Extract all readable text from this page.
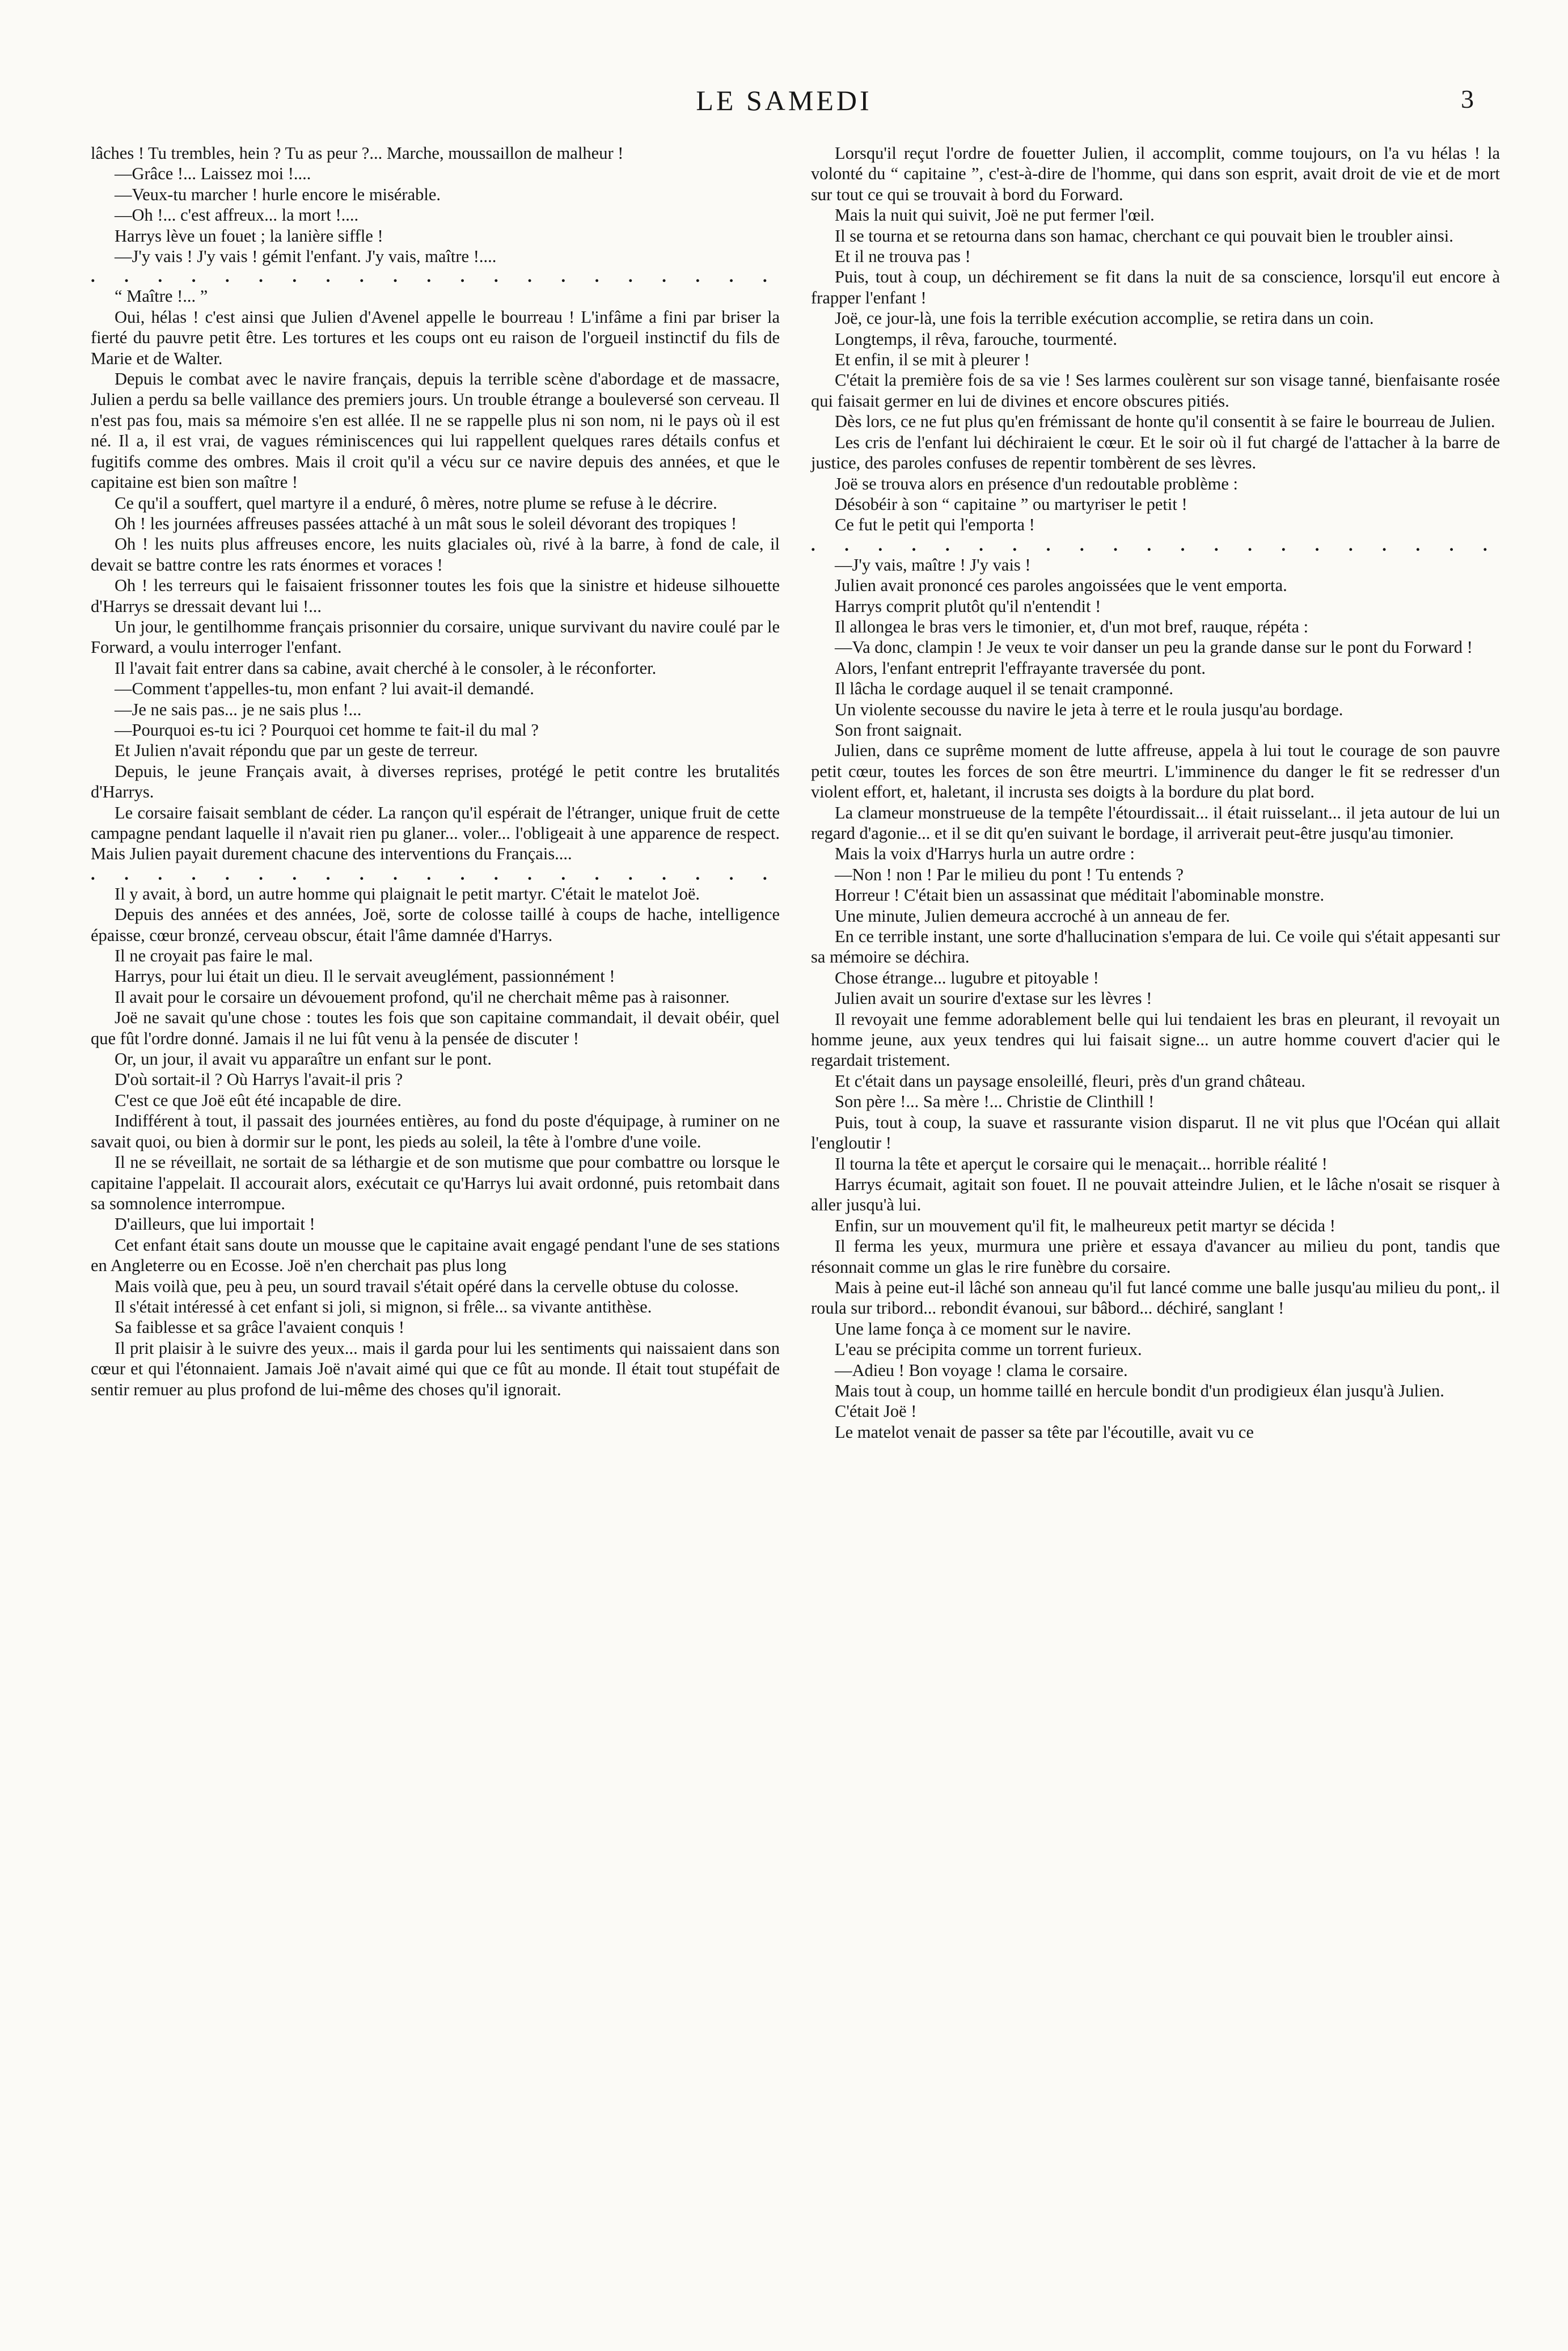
LE SAMEDI	3

lâches ! Tu trembles, hein ? Tu as peur ?... Marche, moussaillon de malheur !

—Grâce !... Laissez moi !....

—Veux-tu marcher ! hurle encore le misérable.

—Oh !... c'est affreux... la mort !....

Harrys lève un fouet ; la lanière siffle !

—J'y vais ! J'y vais ! gémit l'enfant. J'y vais, maître !....

. . .

“ Maître !... ”

Oui, hélas ! c'est ainsi que Julien d'Avenel appelle le bourreau ! L'infâme a fini par briser la fierté du pauvre petit être. Les tortures et les coups ont eu raison de l'orgueil instinctif du fils de Marie et de Walter.

Depuis le combat avec le navire français, depuis la terrible scène d'abordage et de massacre, Julien a perdu sa belle vaillance des premiers jours. Un trouble étrange a bouleversé son cerveau. Il n'est pas fou, mais sa mémoire s'en est allée. Il ne se rappelle plus ni son nom, ni le pays où il est né. Il a, il est vrai, de vagues réminiscences qui lui rappellent quelques rares détails confus et fugitifs comme des ombres. Mais il croit qu'il a vécu sur ce navire depuis des années, et que le capitaine est bien son maître !

Ce qu'il a souffert, quel martyre il a enduré, ô mères, notre plume se refuse à le décrire.

Oh ! les journées affreuses passées attaché à un mât sous le soleil dévorant des tropiques !

Oh ! les nuits plus affreuses encore, les nuits glaciales où, rivé à la barre, à fond de cale, il devait se battre contre les rats énormes et voraces !

Oh ! les terreurs qui le faisaient frissonner toutes les fois que la sinistre et hideuse silhouette d'Harrys se dressait devant lui !...

Un jour, le gentilhomme français prisonnier du corsaire, unique survivant du navire coulé par le Forward, a voulu interroger l'enfant.

Il l'avait fait entrer dans sa cabine, avait cherché à le consoler, à le réconforter.

—Comment t'appelles-tu, mon enfant ? lui avait-il demandé.

—Je ne sais pas... je ne sais plus !...

—Pourquoi es-tu ici ? Pourquoi cet homme te fait-il du mal ?

Et Julien n'avait répondu que par un geste de terreur.

Depuis, le jeune Français avait, à diverses reprises, protégé le petit contre les brutalités d'Harrys.

Le corsaire faisait semblant de céder. La rançon qu'il espérait de l'étranger, unique fruit de cette campagne pendant laquelle il n'avait rien pu glaner... voler... l'obligeait à une apparence de respect. Mais Julien payait durement chacune des interventions du Français....

. . .

Il y avait, à bord, un autre homme qui plaignait le petit martyr. C'était le matelot Joë.

Depuis des années et des années, Joë, sorte de colosse taillé à coups de hache, intelligence épaisse, cœur bronzé, cerveau obscur, était l'âme damnée d'Harrys.

Il ne croyait pas faire le mal.

Harrys, pour lui était un dieu. Il le servait aveuglément, passionnément !

Il avait pour le corsaire un dévouement profond, qu'il ne cherchait même pas à raisonner.

Joë ne savait qu'une chose : toutes les fois que son capitaine commandait, il devait obéir, quel que fût l'ordre donné. Jamais il ne lui fût venu à la pensée de discuter !

Or, un jour, il avait vu apparaître un enfant sur le pont.

D'où sortait-il ? Où Harrys l'avait-il pris ?

C'est ce que Joë eût été incapable de dire.

Indifférent à tout, il passait des journées entières, au fond du poste d'équipage, à ruminer on ne savait quoi, ou bien à dormir sur le pont, les pieds au soleil, la tête à l'ombre d'une voile.

Il ne se réveillait, ne sortait de sa léthargie et de son mutisme que pour combattre ou lorsque le capitaine l'appelait. Il accourait alors, exécutait ce qu'Harrys lui avait ordonné, puis retombait dans sa somnolence interrompue.

D'ailleurs, que lui importait !

Cet enfant était sans doute un mousse que le capitaine avait engagé pendant l'une de ses stations en Angleterre ou en Ecosse. Joë n'en cherchait pas plus long

Mais voilà que, peu à peu, un sourd travail s'était opéré dans la cervelle obtuse du colosse.

Il s'était intéressé à cet enfant si joli, si mignon, si frêle... sa vivante antithèse.

Sa faiblesse et sa grâce l'avaient conquis !

Il prit plaisir à le suivre des yeux... mais il garda pour lui les sentiments qui naissaient dans son cœur et qui l'étonnaient. Jamais Joë n'avait aimé qui que ce fût au monde. Il était tout stupéfait de sentir remuer au plus profond de lui-même des choses qu'il ignorait.

Lorsqu'il reçut l'ordre de fouetter Julien, il accomplit, comme toujours, on l'a vu hélas ! la volonté du “ capitaine ”, c'est-à-dire de l'homme, qui dans son esprit, avait droit de vie et de mort sur tout ce qui se trouvait à bord du Forward.

Mais la nuit qui suivit, Joë ne put fermer l'œil.

Il se tourna et se retourna dans son hamac, cherchant ce qui pouvait bien le troubler ainsi.

Et il ne trouva pas !

Puis, tout à coup, un déchirement se fit dans la nuit de sa conscience, lorsqu'il eut encore à frapper l'enfant !

Joë, ce jour-là, une fois la terrible exécution accomplie, se retira dans un coin.

Longtemps, il rêva, farouche, tourmenté.

Et enfin, il se mit à pleurer !

C'était la première fois de sa vie ! Ses larmes coulèrent sur son visage tanné, bienfaisante rosée qui faisait germer en lui de divines et encore obscures pitiés.

Dès lors, ce ne fut plus qu'en frémissant de honte qu'il consentit à se faire le bourreau de Julien.

Les cris de l'enfant lui déchiraient le cœur. Et le soir où il fut chargé de l'attacher à la barre de justice, des paroles confuses de repentir tombèrent de ses lèvres.

Joë se trouva alors en présence d'un redoutable problème :

Désobéir à son “ capitaine ” ou martyriser le petit !

Ce fut le petit qui l'emporta !

. . .

—J'y vais, maître ! J'y vais !

Julien avait prononcé ces paroles angoissées que le vent emporta.

Harrys comprit plutôt qu'il n'entendit !

Il allongea le bras vers le timonier, et, d'un mot bref, rauque, répéta :

—Va donc, clampin ! Je veux te voir danser un peu la grande danse sur le pont du Forward !

Alors, l'enfant entreprit l'effrayante traversée du pont.

Il lâcha le cordage auquel il se tenait cramponné.

Un violente secousse du navire le jeta à terre et le roula jusqu'au bordage.

Son front saignait.

Julien, dans ce suprême moment de lutte affreuse, appela à lui tout le courage de son pauvre petit cœur, toutes les forces de son être meurtri. L'imminence du danger le fit se redresser d'un violent effort, et, haletant, il incrusta ses doigts à la bordure du plat bord.

La clameur monstrueuse de la tempête l'étourdissait... il était ruisselant... il jeta autour de lui un regard d'agonie... et il se dit qu'en suivant le bordage, il arriverait peut-être jusqu'au timonier.

Mais la voix d'Harrys hurla un autre ordre :

—Non ! non ! Par le milieu du pont ! Tu entends ?

Horreur ! C'était bien un assassinat que méditait l'abominable monstre.

Une minute, Julien demeura accroché à un anneau de fer.

En ce terrible instant, une sorte d'hallucination s'empara de lui. Ce voile qui s'était appesanti sur sa mémoire se déchira.

Chose étrange... lugubre et pitoyable !

Julien avait un sourire d'extase sur les lèvres !

Il revoyait une femme adorablement belle qui lui tendaient les bras en pleurant, il revoyait un homme jeune, aux yeux tendres qui lui faisait signe... un autre homme couvert d'acier qui le regardait tristement.

Et c'était dans un paysage ensoleillé, fleuri, près d'un grand château.

Son père !... Sa mère !... Christie de Clinthill !

Puis, tout à coup, la suave et rassurante vision disparut. Il ne vit plus que l'Océan qui allait l'engloutir !

Il tourna la tête et aperçut le corsaire qui le menaçait... horrible réalité !

Harrys écumait, agitait son fouet. Il ne pouvait atteindre Julien, et le lâche n'osait se risquer à aller jusqu'à lui.

Enfin, sur un mouvement qu'il fit, le malheureux petit martyr se décida !

Il ferma les yeux, murmura une prière et essaya d'avancer au milieu du pont, tandis que résonnait comme un glas le rire funèbre du corsaire.

Mais à peine eut-il lâché son anneau qu'il fut lancé comme une balle jusqu'au milieu du pont,. il roula sur tribord... rebondit évanoui, sur bâbord... déchiré, sanglant !

Une lame fonça à ce moment sur le navire.

L'eau se précipita comme un torrent furieux.

—Adieu ! Bon voyage ! clama le corsaire.

Mais tout à coup, un homme taillé en hercule bondit d'un prodigieux élan jusqu'à Julien.

C'était Joë !

Le matelot venait de passer sa tête par l'écoutille, avait vu ce
